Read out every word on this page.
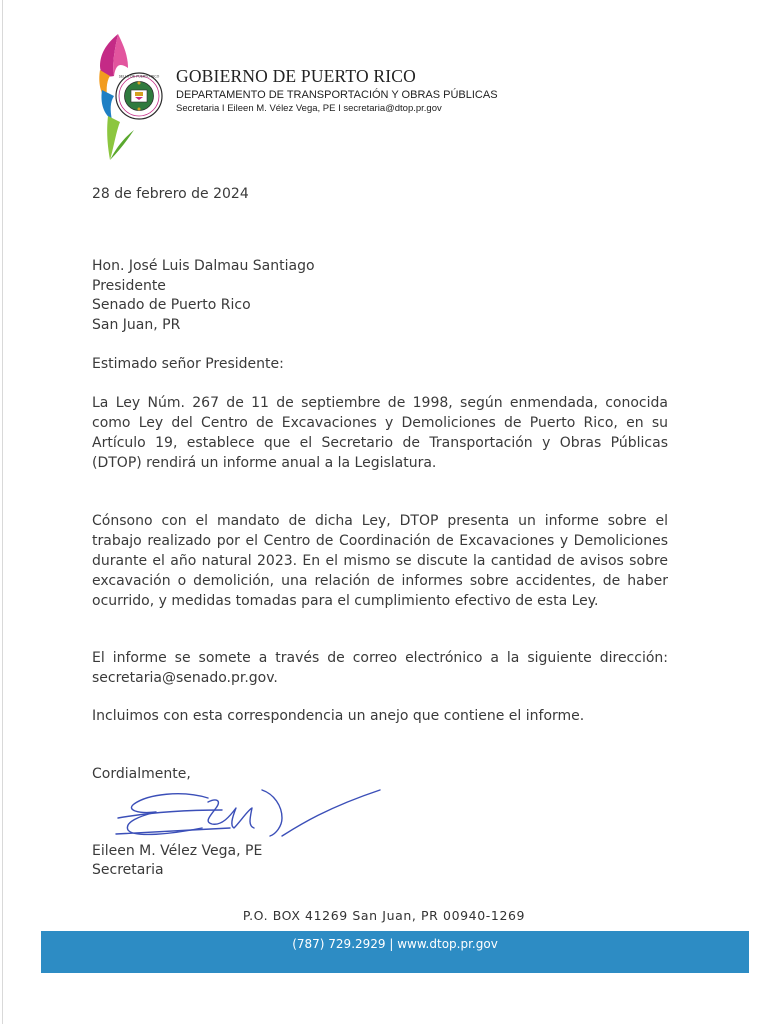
SELLO DE PUERTO RICO GOBIERNO DE PUERTO RICO
DEPARTAMENTO DE TRANSPORTACIÓN Y OBRAS PÚBLICAS
Secretaria I Eileen M. Vélez Vega, PE I secretaria@dtop.pr.gov
28 de febrero de 2024
Hon. José Luis Dalmau Santiago
Presidente
Senado de Puerto Rico
San Juan, PR
Estimado señor Presidente:

La Ley Núm. 267 de 11 de septiembre de 1998, según enmendada, conocida como Ley del Centro de Excavaciones y Demoliciones de Puerto Rico, en su Artículo 19, establece que el Secretario de Transportación y Obras Públicas (DTOP) rendirá un informe anual a la Legislatura.

Cónsono con el mandato de dicha Ley, DTOP presenta un informe sobre el trabajo realizado por el Centro de Coordinación de Excavaciones y Demoliciones durante el año natural 2023. En el mismo se discute la cantidad de avisos sobre excavación o demolición, una relación de informes sobre accidentes, de haber ocurrido, y medidas tomadas para el cumplimiento efectivo de esta Ley.

El informe se somete a través de correo electrónico a la siguiente dirección: secretaria@senado.pr.gov.

Incluimos con esta correspondencia un anejo que contiene el informe.

Cordialmente,
Eileen M. Vélez Vega, PE
Secretaria
P.O. BOX 41269 San Juan, PR 00940-1269
(787) 729.2929 | www.dtop.pr.gov
